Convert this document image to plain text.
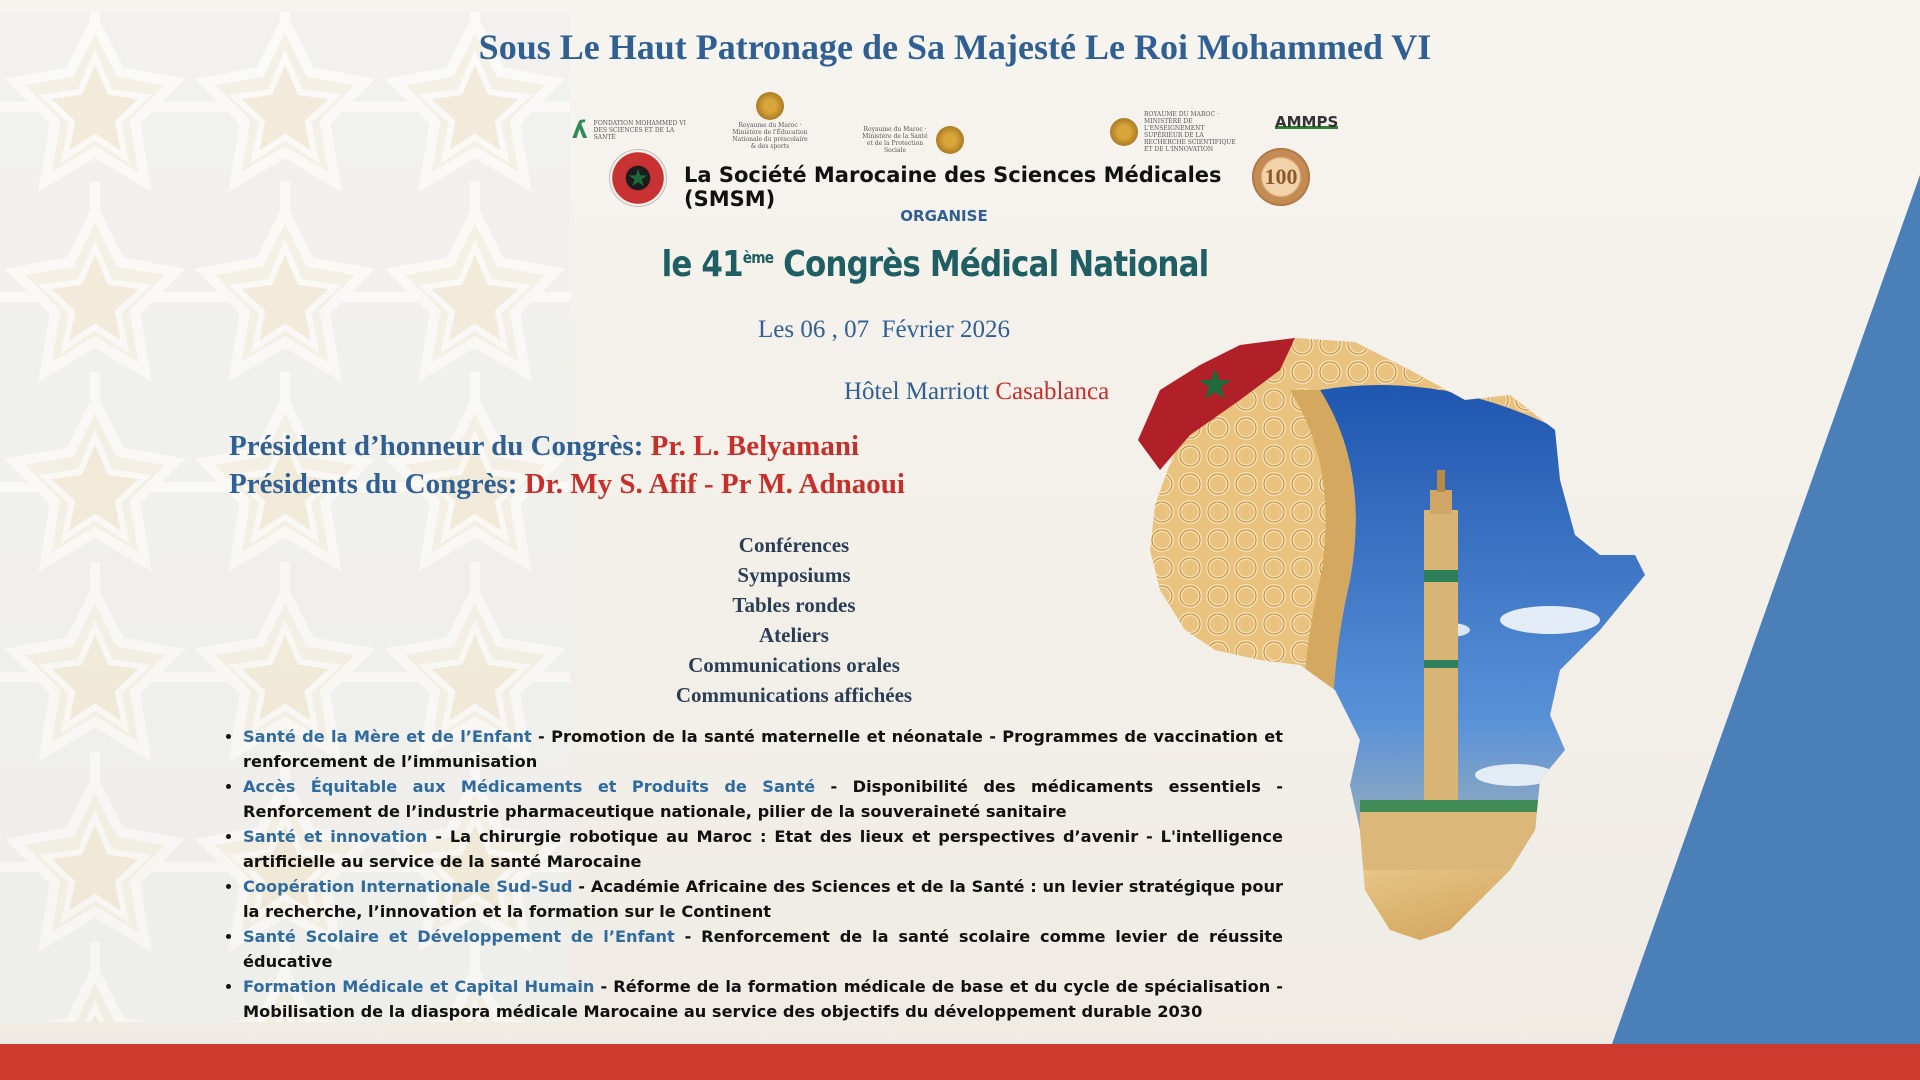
Sous Le Haut Patronage de Sa Majesté Le Roi Mohammed VI
ʎ FONDATION MOHAMMED VI DES SCIENCES ET DE LA SANTÉ
Royaume du Maroc · Ministère de l'Éducation Nationale du préscolaire & des sports
Royaume du Maroc · Ministère de la Santé et de la Protection Sociale
ROYAUME DU MAROC · MINISTÈRE DE L'ENSEIGNEMENT SUPÉRIEUR DE LA RECHERCHE SCIENTIFIQUE ET DE L'INNOVATION
AMMPS
★	La Société Marocaine des Sciences Médicales (SMSM)
100
ORGANISE
le 41ème Congrès Médical National
Les 06 , 07  Février 2026

Hôtel Marriott Casablanca

Président d’honneur du Congrès: Pr. L. Belyamani
Présidents du Congrès: Dr. My S. Afif - Pr M. Adnaoui
Conférences
Symposiums
Tables rondes
Ateliers
Communications orales
Communications affichées
• Santé de la Mère et de l’Enfant - Promotion de la santé maternelle et néonatale - Programmes de vaccination et renforcement de l’immunisation
• Accès Équitable aux Médicaments et Produits de Santé - Disponibilité des médicaments essentiels - Renforcement de l’industrie pharmaceutique nationale, pilier de la souveraineté sanitaire
• Santé et innovation - La chirurgie robotique au Maroc : Etat des lieux et perspectives d’avenir - L'intelligence artificielle au service de la santé Marocaine
• Coopération Internationale Sud-Sud - Académie Africaine des Sciences et de la Santé : un levier stratégique pour la recherche, l’innovation et la formation sur le Continent
• Santé Scolaire et Développement de l’Enfant - Renforcement de la santé scolaire comme levier de réussite éducative
• Formation Médicale et Capital Humain - Réforme de la formation médicale de base et du cycle de spécialisation - Mobilisation de la diaspora médicale Marocaine au service des objectifs du développement durable 2030
